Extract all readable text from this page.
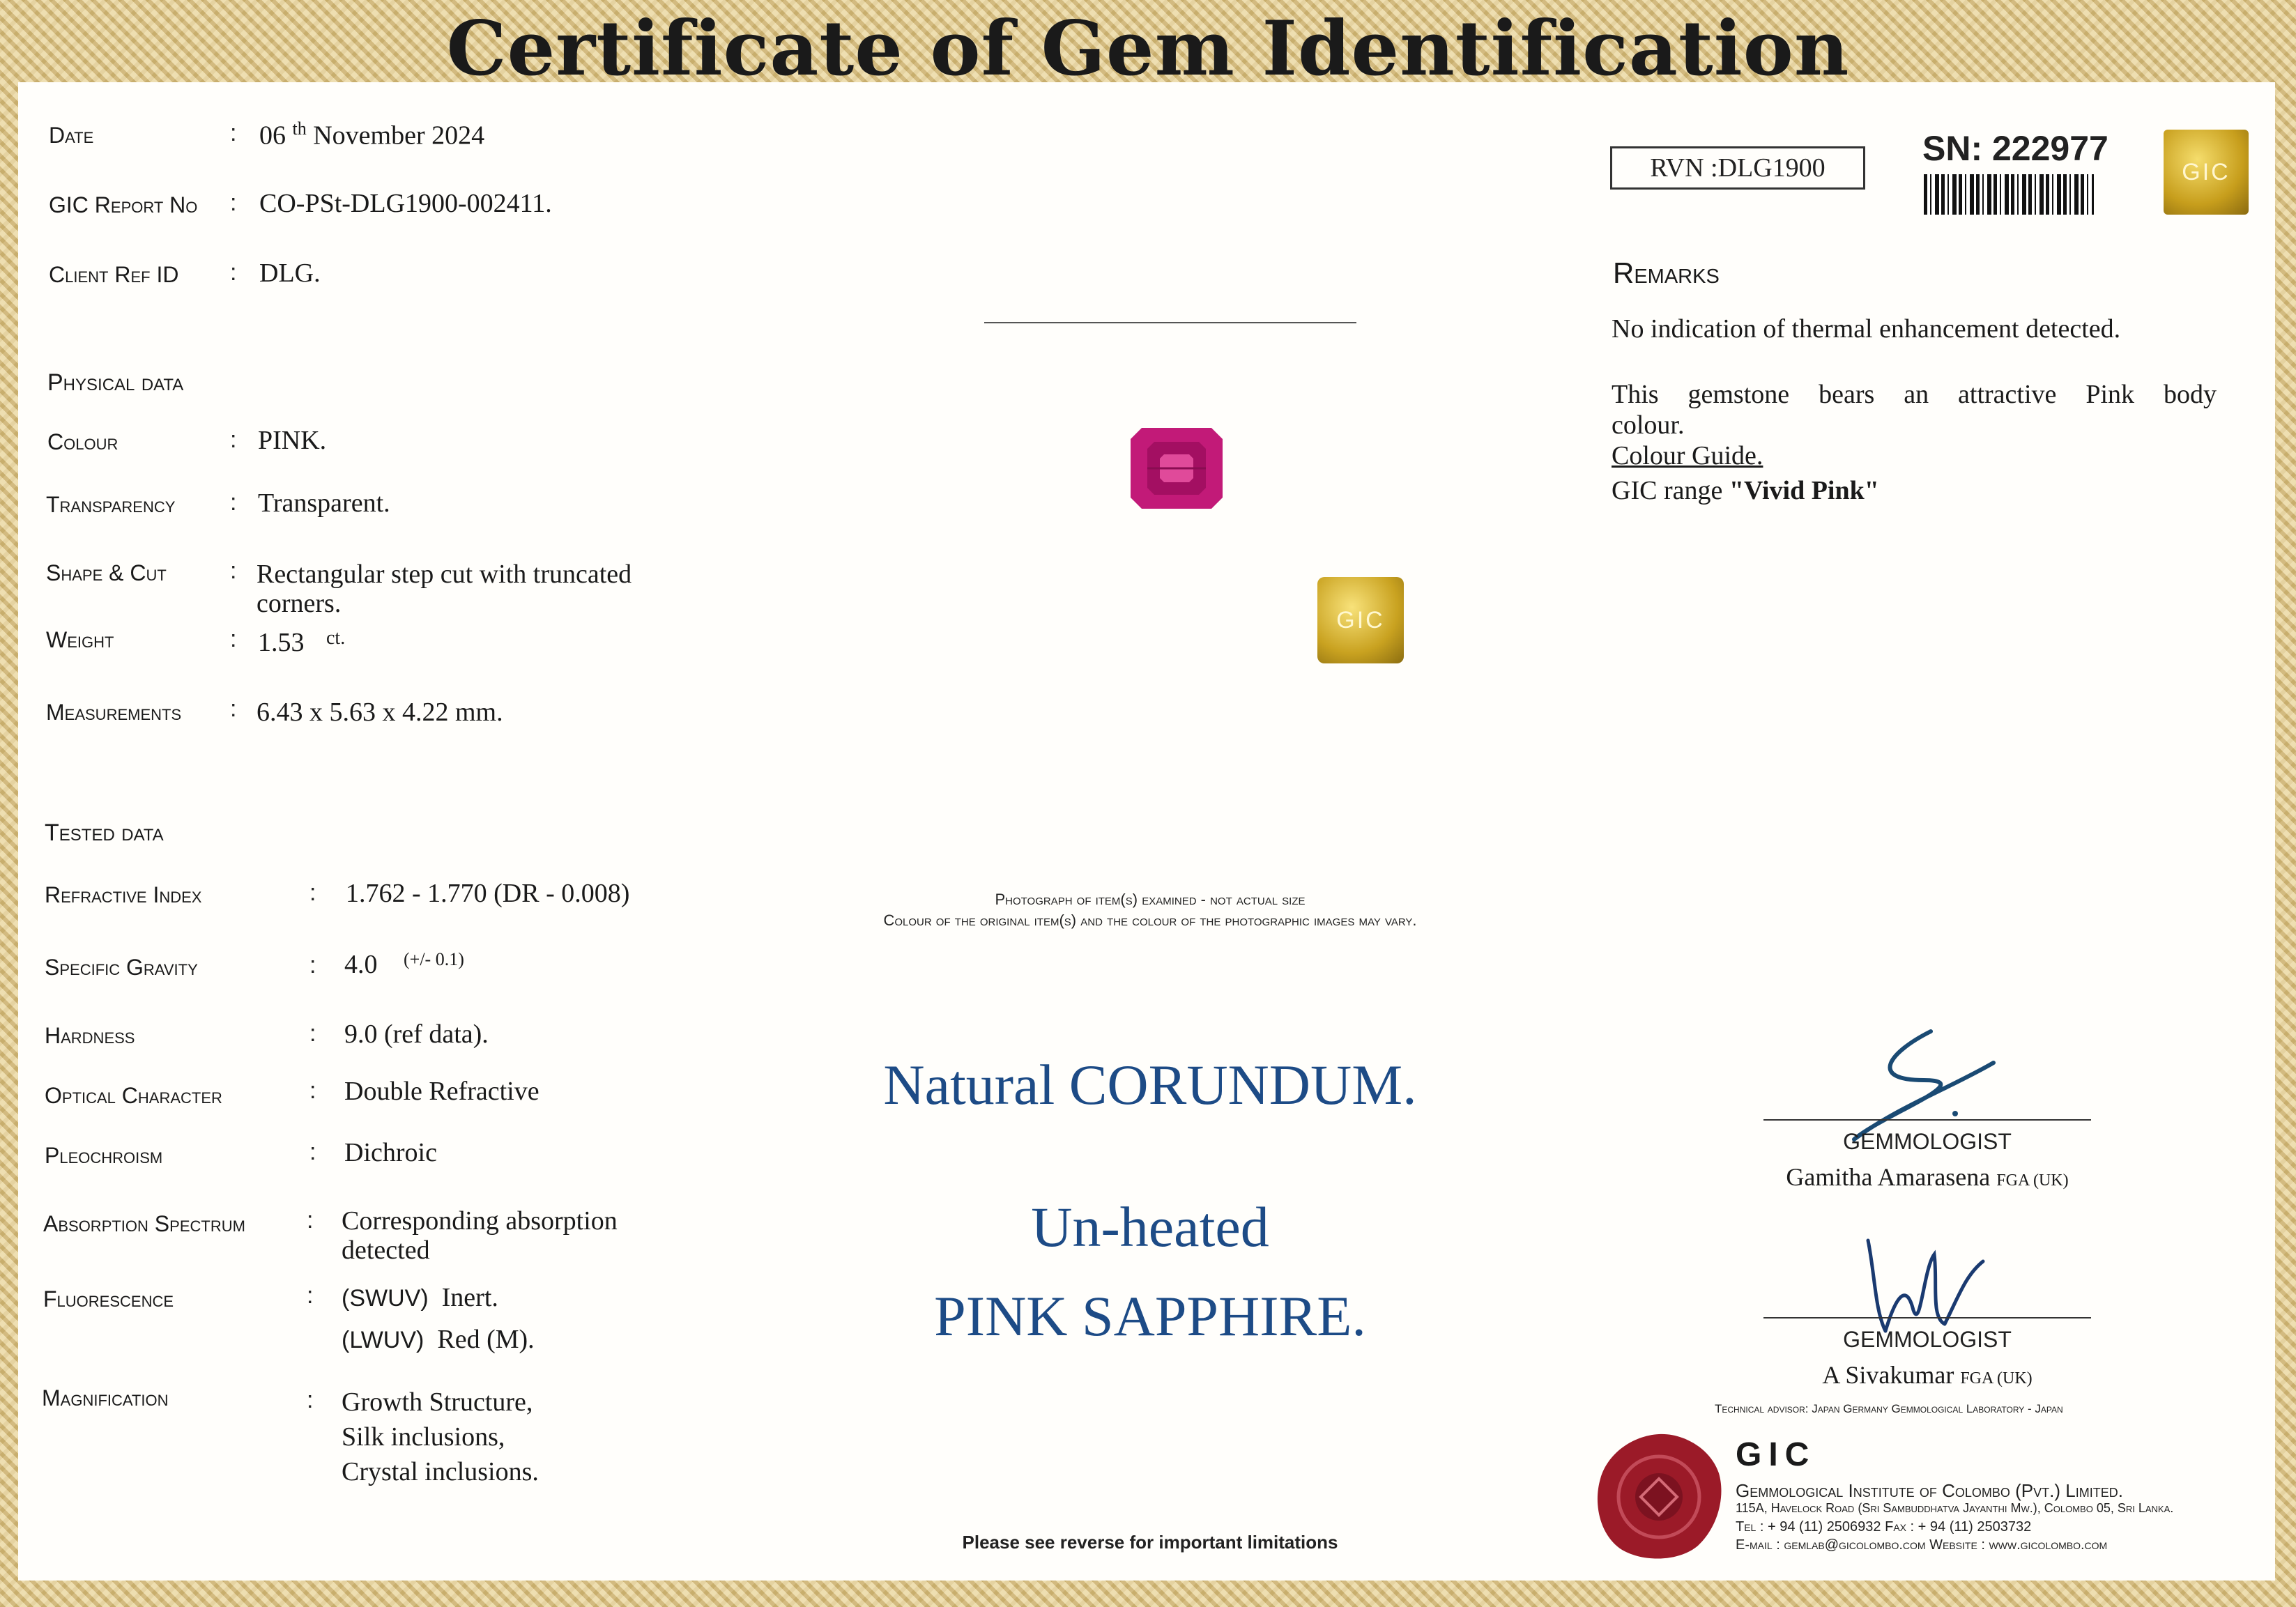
Certificate of Gem Identification
Date	: 06 $^{th}$ November 2024
GIC Report No : CO-PSt-DLG1900-002411.
Client Ref ID : DLG.
Physical data
Colour	: PINK.
Transparency : Transparent.
Shape & Cut	: Rectangular step cut with truncated
corners.
Weight	: 1.53 $^{ct.}$
Measurements : 6.43 x 5.63 x 4.22 mm.
Tested data
Refractive Index	: 1.762 - 1.770 (DR - 0.008)
Specific Gravity	: 4.0 $^{(+/- 0.1)}$
Hardness	: 9.0 (ref data).
Optical Character	: Double Refractive
Pleochroism	: Dichroic
Absorption Spectrum	: Corresponding absorption
detected
Fluorescence	: (SWUV) Inert.
(LWUV) Red (M).
Magnification	: Growth Structure,
Silk inclusions,
Crystal inclusions.
GIC
Photograph of item(s) examined - not actual size
Colour of the original item(s) and the colour of the photographic images may vary.
Natural CORUNDUM.
Un-heated
PINK SAPPHIRE.
Please see reverse for important limitations
RVN :DLG1900	SN: 222977
GIC
Remarks
No indication of thermal enhancement detected.
This gemstone bears an attractive Pink body
colour.
Colour Guide.
GIC range "Vivid Pink"
GEMMOLOGIST
Gamitha Amarasena FGA (UK)
GEMMOLOGIST
A Sivakumar FGA (UK)
Technical advisor: Japan Germany Gemmological Laboratory - Japan
GIC
Gemmological Institute of Colombo (Pvt.) Limited.
115A, Havelock Road (Sri Sambuddhatva Jayanthi Mw.), Colombo 05, Sri Lanka.
Tel : + 94 (11) 2506932 Fax : + 94 (11) 2503732
E-mail : gemlab@gicolombo.com Website : www.gicolombo.com
